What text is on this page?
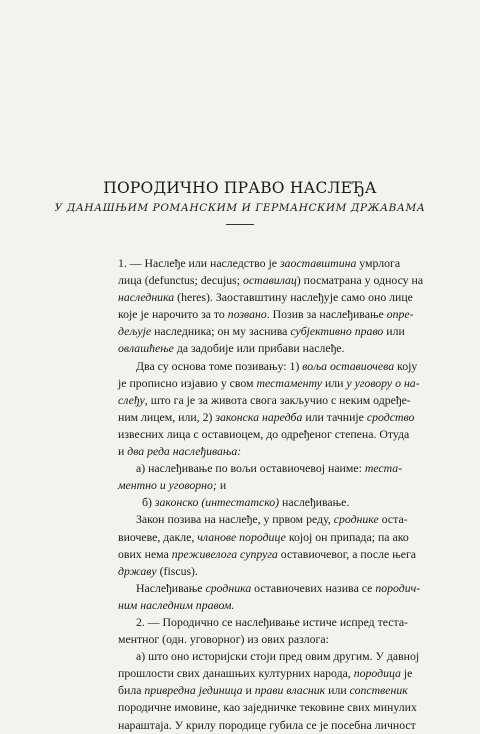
ПОРОДИЧНО ПРАВО НАСЛЕЂА
У ДАНАШЊИМ РОМАНСКИМ И ГЕРМАНСКИМ ДРЖАВАМА
1. — Наслеђе или наследство је заоставштина умрлога
лица (defunctus; decujus; оставилац) посматрана у односу на
наследника (heres). Заоставштину наслеђује само оно лице
које је нарочито за то позвано. Позив за наслеђивање опре-
дељује наследника; он му заснива субјективно право или
овлашћење да задобије или прибави наслеђе.
Два су основа томе позивању: 1) воља оставиочева коју
је прописно изјавио у свом тестаменту или у уговору о на-
слеђу, што га је за живота свога закључио с неким одређе-
ним лицем, или, 2) законска наредба или тачније сродство
извесних лица с оставиоцем, до одређеног степена. Отуда
и два реда наслеђивања:
а) наслеђивање по вољи оставиочевој наиме: теста-
ментно и уговорно; и
б) законско (интестатско) наслеђивање.
Закон позива на наслеђе, у првом реду, сроднике оста-
виочеве, дакле, чланове породице којој он припада; па ако
ових нема преживелога супруга оставиочевог, а после њега
државу (fiscus).
Наслеђивање сродника оставиочевих називa се породич-
ним наследним правом.
2. — Породично се наслеђивање истиче испред теста-
ментног (одн. уговорног) из ових разлога:
а) што оно историјски стоји пред овим другим. У давној
прошлости свих данашњих културних народа, породица је
била привредна јединица и прави власник или сопственик
породичне имовине, као заједничке тековине свих минулих
нараштаја. У крилу породице губила се је посебна личност
